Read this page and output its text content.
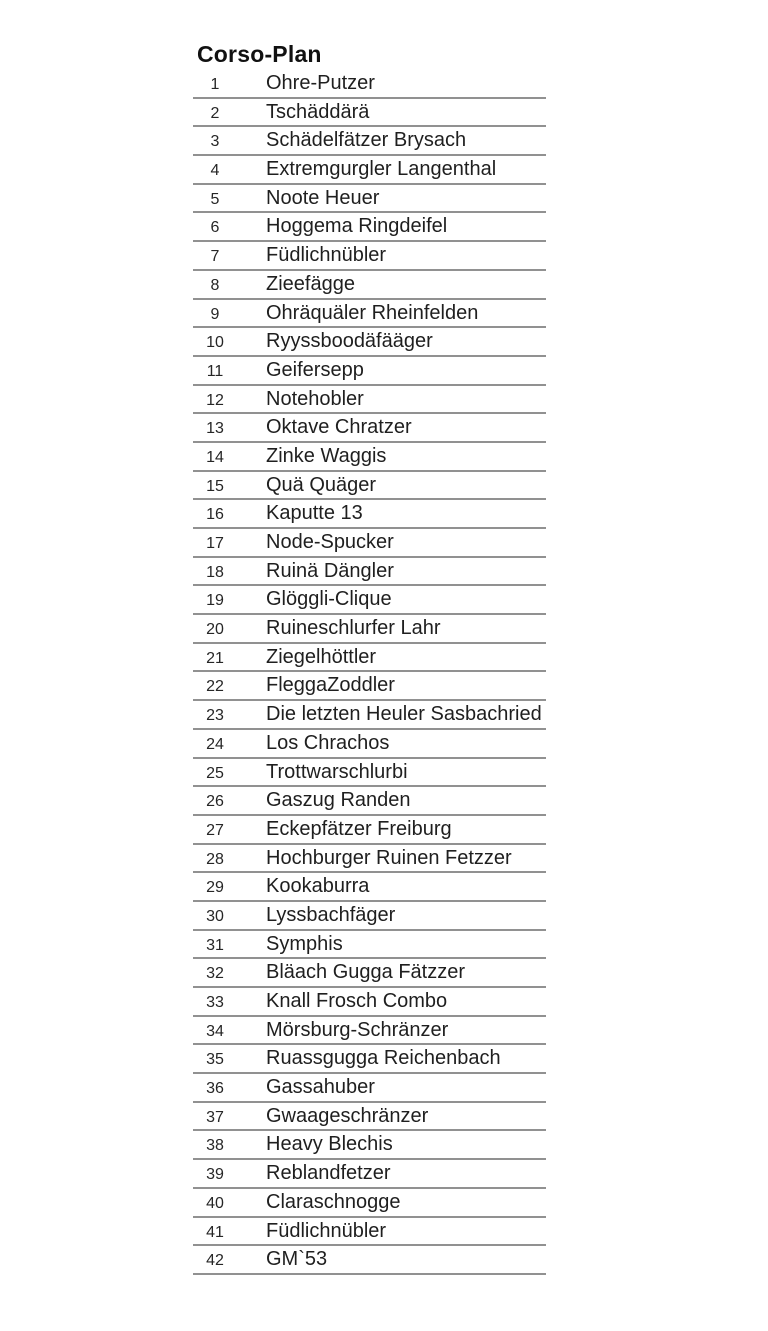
Corso-Plan
1	Ohre-Putzer
2	Tschäddärä
3	Schädelfätzer Brysach
4	Extremgurgler Langenthal
5	Noote Heuer
6	Hoggema Ringdeifel
7	Füdlichnübler
8	Zieefägge
9	Ohräquäler Rheinfelden
10	Ryyssboodäfääger
11	Geifersepp
12	Notehobler
13	Oktave Chratzer
14	Zinke Waggis
15	Quä Quäger
16	Kaputte 13
17	Node-Spucker
18	Ruinä Dängler
19	Glöggli-Clique
20	Ruineschlurfer Lahr
21	Ziegelhöttler
22	FleggaZoddler
23	Die letzten Heuler Sasbachried
24	Los Chrachos
25	Trottwarschlurbi
26	Gaszug Randen
27	Eckepfätzer Freiburg
28	Hochburger Ruinen Fetzzer
29	Kookaburra
30	Lyssbachfäger
31	Symphis
32	Bläach Gugga Fätzzer
33	Knall Frosch Combo
34	Mörsburg-Schränzer
35	Ruassgugga Reichenbach
36	Gassahuber
37	Gwaageschränzer
38	Heavy Blechis
39	Reblandfetzer
40	Claraschnogge
41	Füdlichnübler
42	GM`53
